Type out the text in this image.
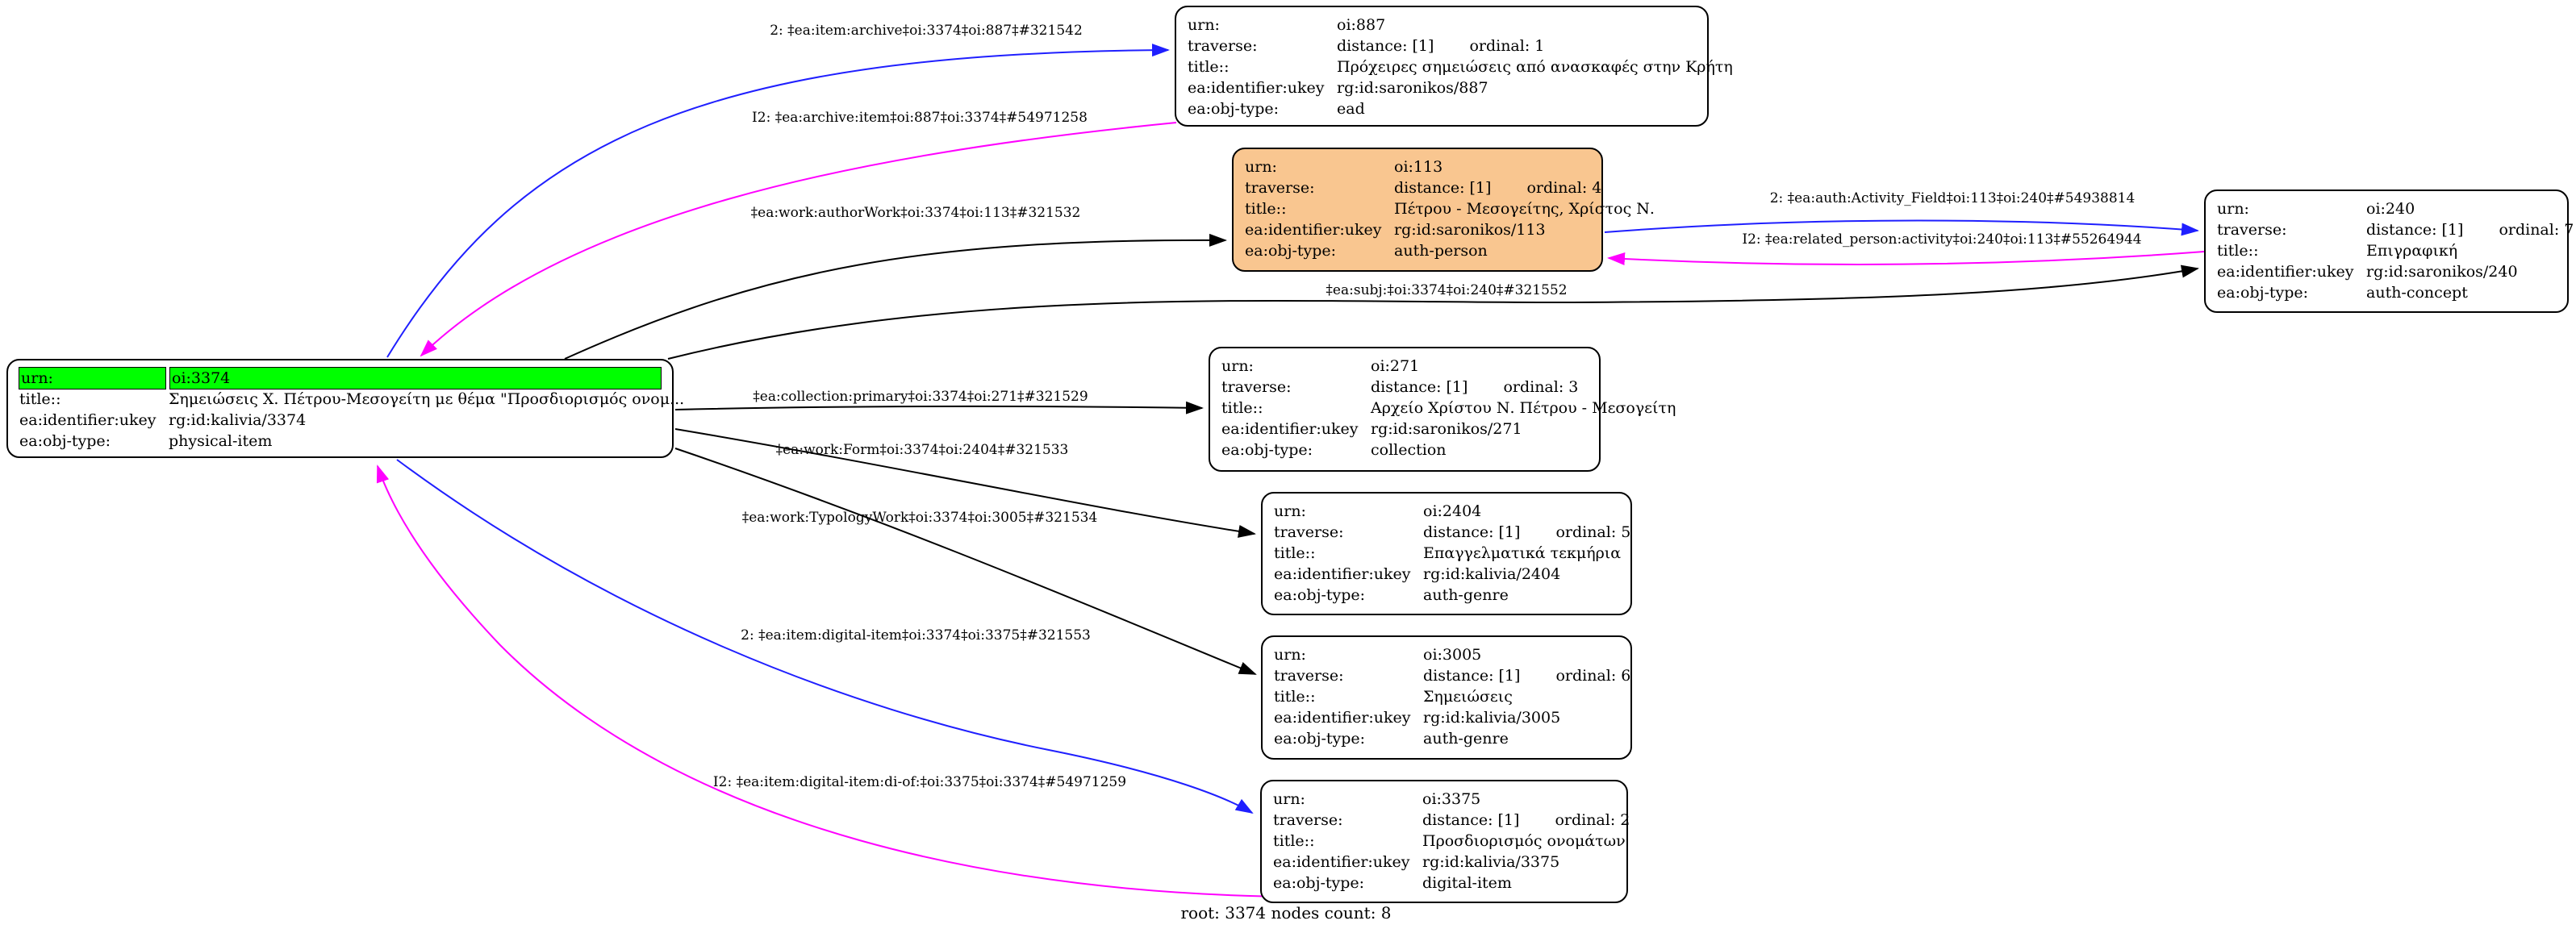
urn:	oi:3374
title::	Σημειώσεις Χ. Πέτρου-Μεσογείτη με θέμα "Προσδιορισμός ονομ...
ea:identifier:ukey rg:id:kalivia/3374
ea:obj-type:	physical-item
urn:	oi:887
traverse:	distance: [1] ordinal: 1
title::	Πρόχειρες σημειώσεις από ανασκαφές στην Κρήτη
ea:identifier:ukey rg:id:saronikos/887
ea:obj-type:	ead
urn:	oi:113
traverse:	distance: [1] ordinal: 4
title::	Πέτρου - Μεσογείτης, Χρίστος Ν.
ea:identifier:ukey rg:id:saronikos/113
ea:obj-type:	auth-person
urn:	oi:240
traverse:	distance: [1] ordinal: 7
title::	Επιγραφική
ea:identifier:ukey rg:id:saronikos/240
ea:obj-type:	auth-concept
urn:	oi:271
traverse:	distance: [1] ordinal: 3
title::	Αρχείο Χρίστου Ν. Πέτρου - Μεσογείτη
ea:identifier:ukey rg:id:saronikos/271
ea:obj-type:	collection
urn:	oi:2404
traverse:	distance: [1] ordinal: 5
title::	Επαγγελματικά τεκμήρια
ea:identifier:ukey rg:id:kalivia/2404
ea:obj-type:	auth-genre
urn:	oi:3005
traverse:	distance: [1] ordinal: 6
title::	Σημειώσεις
ea:identifier:ukey rg:id:kalivia/3005
ea:obj-type:	auth-genre
urn:	oi:3375
traverse:	distance: [1] ordinal: 2
title::	Προσδιορισμός ονομάτων
ea:identifier:ukey rg:id:kalivia/3375
ea:obj-type:	digital-item
2: ‡ea:item:archive‡oi:3374‡oi:887‡#321542
I2: ‡ea:archive:item‡oi:887‡oi:3374‡#54971258
‡ea:work:authorWork‡oi:3374‡oi:113‡#321532
2: ‡ea:auth:Activity_Field‡oi:113‡oi:240‡#54938814
I2: ‡ea:related_person:activity‡oi:240‡oi:113‡#55264944
‡ea:subj:‡oi:3374‡oi:240‡#321552
‡ea:collection:primary‡oi:3374‡oi:271‡#321529
‡ea:work:Form‡oi:3374‡oi:2404‡#321533
‡ea:work:TypologyWork‡oi:3374‡oi:3005‡#321534
2: ‡ea:item:digital-item‡oi:3374‡oi:3375‡#321553
I2: ‡ea:item:digital-item:di-of:‡oi:3375‡oi:3374‡#54971259
root: 3374 nodes count: 8
